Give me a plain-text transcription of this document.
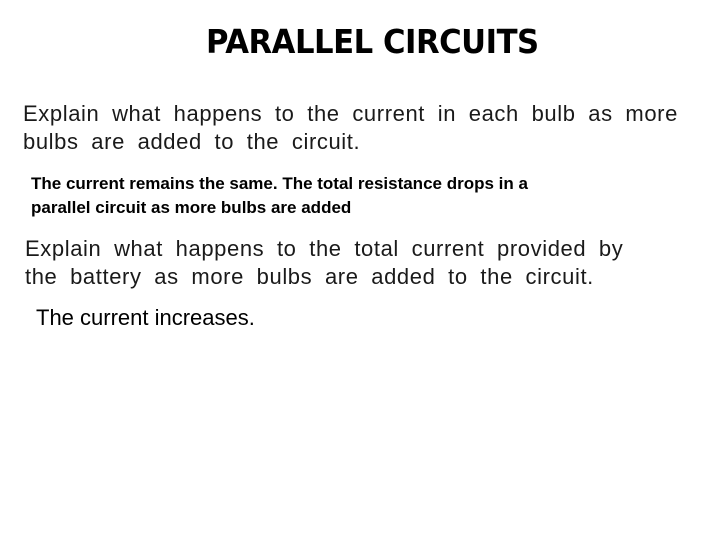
PARALLEL CIRCUITS
Explain what happens to the current in each bulb as more
bulbs are added to the circuit.
The current remains the same. The total resistance drops in a
parallel circuit as more bulbs are added
Explain what happens to the total current provided by
the battery as more bulbs are added to the circuit.
The current increases.
